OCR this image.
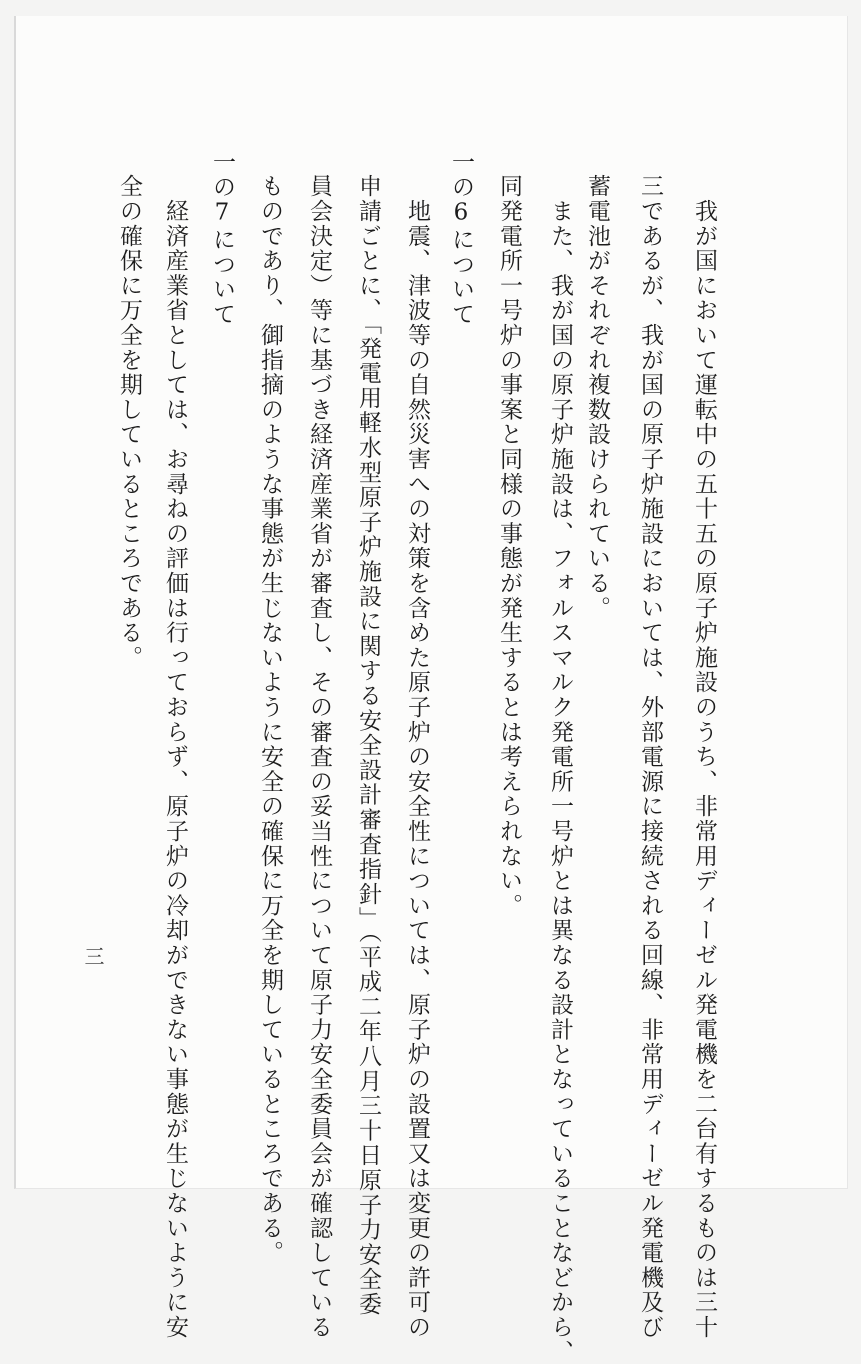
　我が国において運転中の五十五の原子炉施設のうち、非常用ディーゼル発電機を二台有するものは三十
三であるが、我が国の原子炉施設においては、外部電源に接続される回線、非常用ディーゼル発電機及び
蓄電池がそれぞれ複数設けられている。
　また、我が国の原子炉施設は、フォルスマルク発電所一号炉とは異なる設計となっていることなどから、
同発電所一号炉の事案と同様の事態が発生するとは考えられない。
一の6について
　地震、津波等の自然災害への対策を含めた原子炉の安全性については、原子炉の設置又は変更の許可の
申請ごとに、「発電用軽水型原子炉施設に関する安全設計審査指針」（平成二年八月三十日原子力安全委
員会決定）等に基づき経済産業省が審査し、その審査の妥当性について原子力安全委員会が確認している
ものであり、御指摘のような事態が生じないように安全の確保に万全を期しているところである。
一の7について
　経済産業省としては、お尋ねの評価は行っておらず、原子炉の冷却ができない事態が生じないように安
全の確保に万全を期しているところである。
三
